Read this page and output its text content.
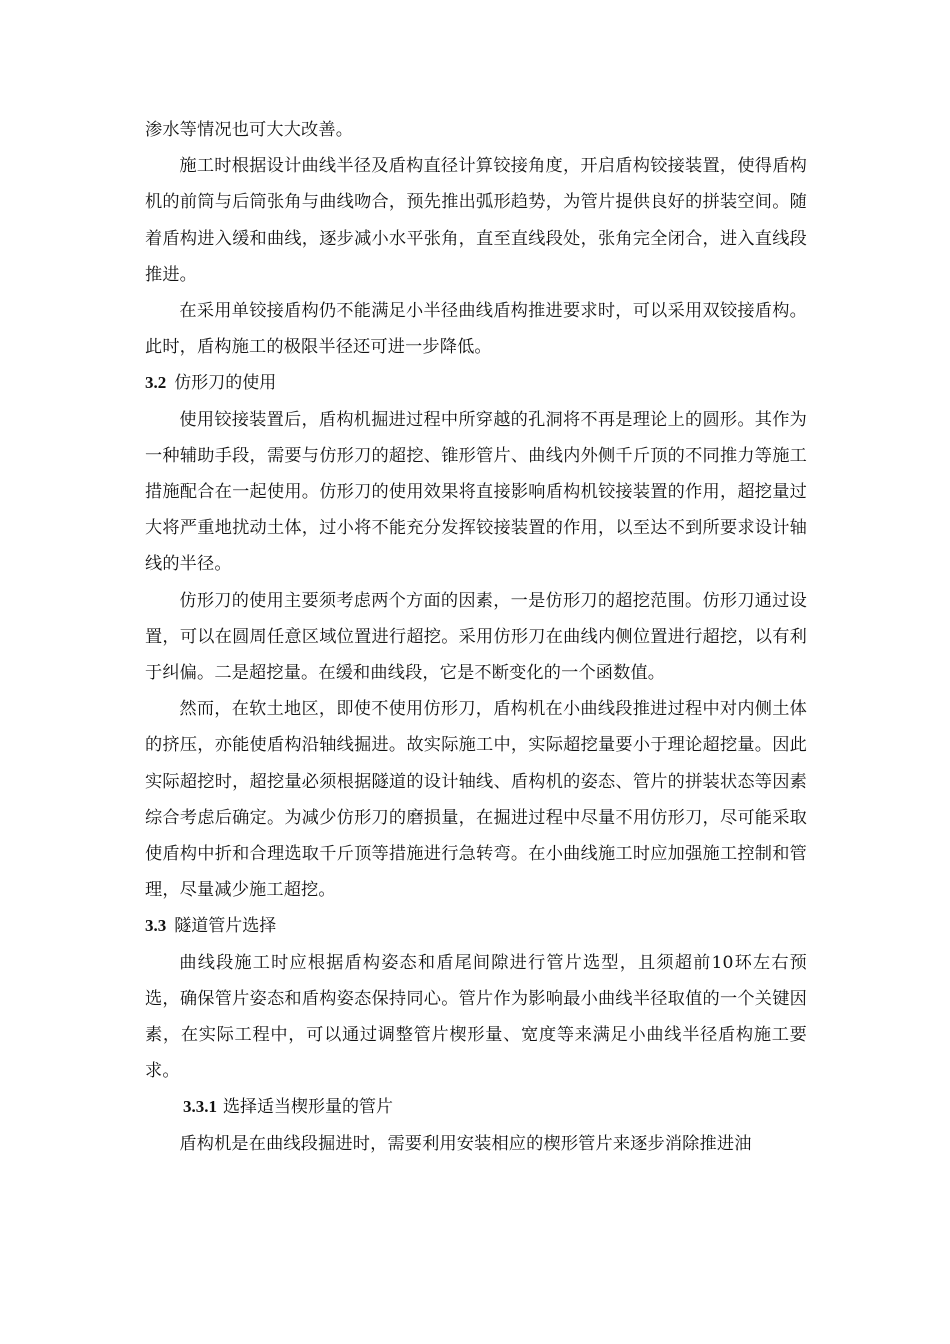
渗水等情况也可大大改善。

施工时根据设计曲线半径及盾构直径计算铰接角度，开启盾构铰接装置，使得盾构机的前筒与后筒张角与曲线吻合，预先推出弧形趋势，为管片提供良好的拼装空间。随着盾构进入缓和曲线，逐步减小水平张角，直至直线段处，张角完全闭合，进入直线段推进。

在采用单铰接盾构仍不能满足小半径曲线盾构推进要求时，可以采用双铰接盾构。此时，盾构施工的极限半径还可进一步降低。

3.2 仿形刀的使用

使用铰接装置后，盾构机掘进过程中所穿越的孔洞将不再是理论上的圆形。其作为一种辅助手段，需要与仿形刀的超挖、锥形管片、曲线内外侧千斤顶的不同推力等施工措施配合在一起使用。仿形刀的使用效果将直接影响盾构机铰接装置的作用，超挖量过大将严重地扰动土体，过小将不能充分发挥铰接装置的作用，以至达不到所要求设计轴线的半径。

仿形刀的使用主要须考虑两个方面的因素，一是仿形刀的超挖范围。仿形刀通过设置，可以在圆周任意区域位置进行超挖。采用仿形刀在曲线内侧位置进行超挖，以有利于纠偏。二是超挖量。在缓和曲线段，它是不断变化的一个函数值。

然而，在软土地区，即使不使用仿形刀，盾构机在小曲线段推进过程中对内侧土体的挤压，亦能使盾构沿轴线掘进。故实际施工中，实际超挖量要小于理论超挖量。因此实际超挖时，超挖量必须根据隧道的设计轴线、盾构机的姿态、管片的拼装状态等因素综合考虑后确定。为减少仿形刀的磨损量，在掘进过程中尽量不用仿形刀，尽可能采取使盾构中折和合理选取千斤顶等措施进行急转弯。在小曲线施工时应加强施工控制和管理，尽量减少施工超挖。

3.3 隧道管片选择

曲线段施工时应根据盾构姿态和盾尾间隙进行管片选型，且须超前10环左右预选，确保管片姿态和盾构姿态保持同心。管片作为影响最小曲线半径取值的一个关键因素，在实际工程中，可以通过调整管片楔形量、宽度等来满足小曲线半径盾构施工要求。

3.3.1 选择适当楔形量的管片

盾构机是在曲线段掘进时，需要利用安装相应的楔形管片来逐步消除推进油
